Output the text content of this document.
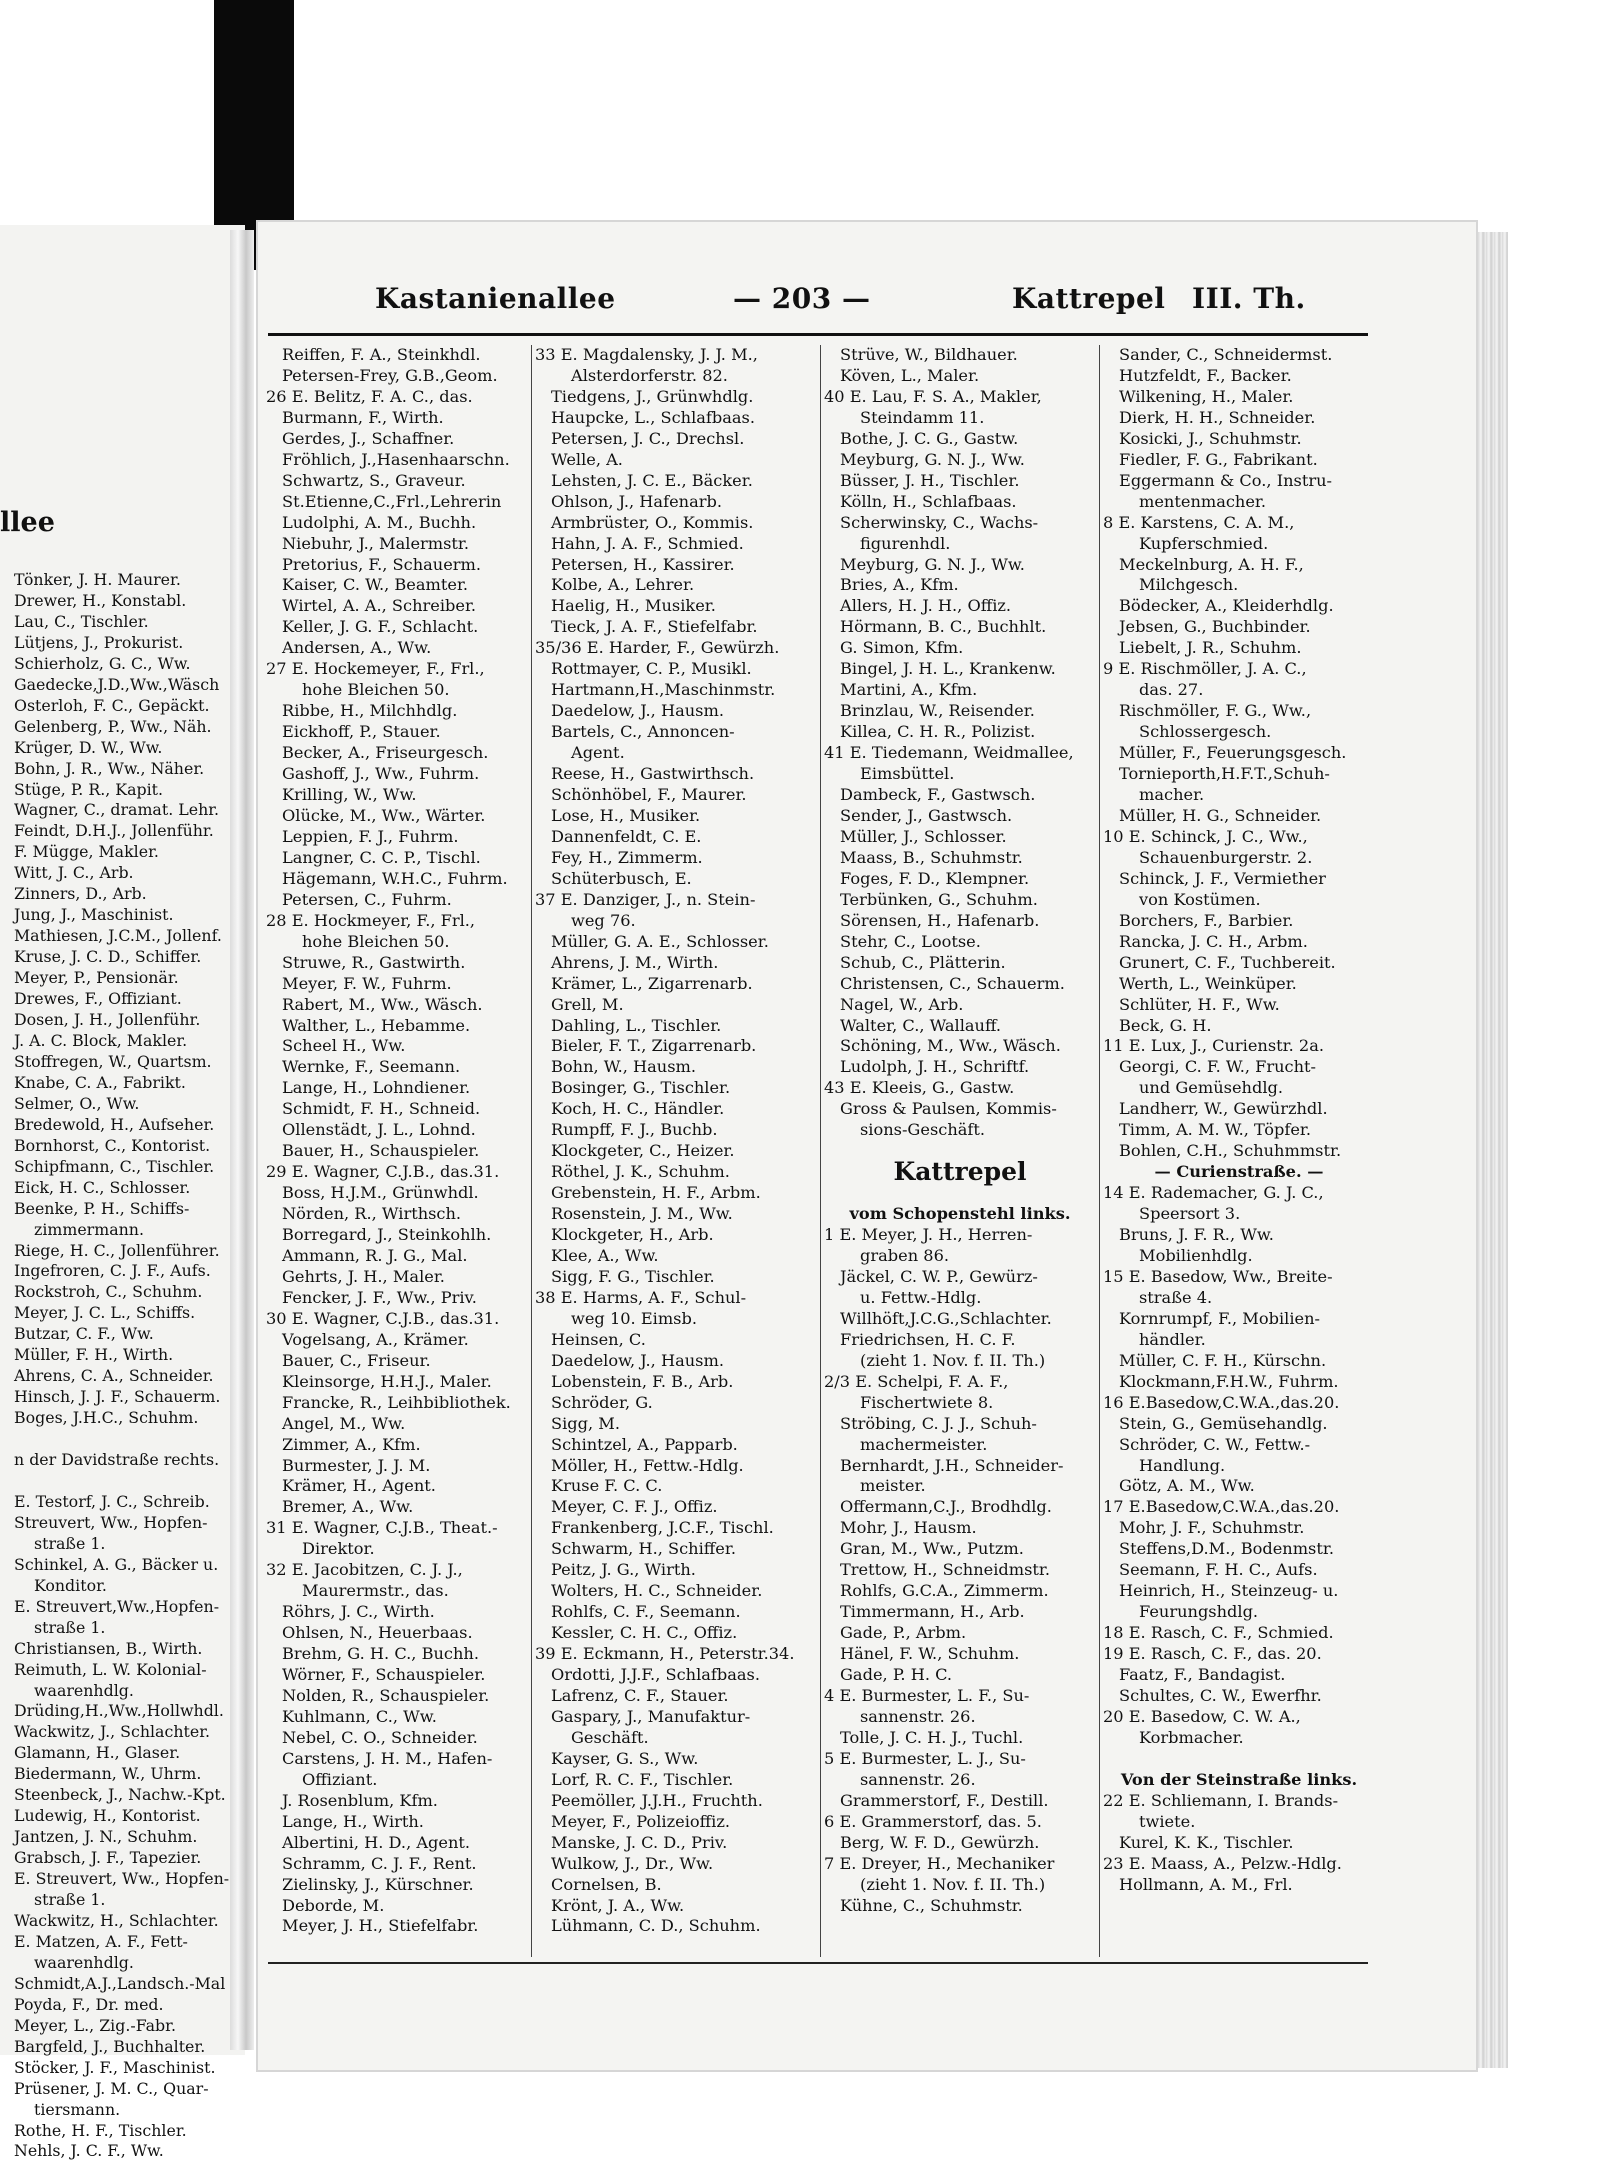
llee
Tönker, J. H. Maurer.
Drewer, H., Konstabl.
Lau, C., Tischler.
Lütjens, J., Prokurist.
Schierholz, G. C., Ww.
Gaedecke,J.D.,Ww.,Wäsch
Osterloh, F. C., Gepäckt.
Gelenberg, P., Ww., Näh.
Krüger, D. W., Ww.
Bohn, J. R., Ww., Näher.
Stüge, P. R., Kapit.
Wagner, C., dramat. Lehr.
Feindt, D.H.J., Jollenführ.
F. Mügge, Makler.
Witt, J. C., Arb.
Zinners, D., Arb.
Jung, J., Maschinist.
Mathiesen, J.C.M., Jollenf.
Kruse, J. C. D., Schiffer.
Meyer, P., Pensionär.
Drewes, F., Offiziant.
Dosen, J. H., Jollenführ.
J. A. C. Block, Makler.
Stoffregen, W., Quartsm.
Knabe, C. A., Fabrikt.
Selmer, O., Ww.
Bredewold, H., Aufseher.
Bornhorst, C., Kontorist.
Schipfmann, C., Tischler.
Eick, H. C., Schlosser.
Beenke, P. H., Schiffs-
zimmermann.
Riege, H. C., Jollenführer.
Ingefroren, C. J. F., Aufs.
Rockstroh, C., Schuhm.
Meyer, J. C. L., Schiffs.
Butzar, C. F., Ww.
Müller, F. H., Wirth.
Ahrens, C. A., Schneider.
Hinsch, J. J. F., Schauerm.
Boges, J.H.C., Schuhm.

n der Davidstraße rechts.

E. Testorf, J. C., Schreib.
Streuvert, Ww., Hopfen-
straße 1.
Schinkel, A. G., Bäcker u.
Konditor.
E. Streuvert,Ww.,Hopfen-
straße 1.
Christiansen, B., Wirth.
Reimuth, L. W. Kolonial-
waarenhdlg.
Drüding,H.,Ww.,Hollwhdl.
Wackwitz, J., Schlachter.
Glamann, H., Glaser.
Biedermann, W., Uhrm.
Steenbeck, J., Nachw.-Kpt.
Ludewig, H., Kontorist.
Jantzen, J. N., Schuhm.
Grabsch, J. F., Tapezier.
E. Streuvert, Ww., Hopfen-
straße 1.
Wackwitz, H., Schlachter.
E. Matzen, A. F., Fett-
waarenhdlg.
Schmidt,A.J.,Landsch.-Mal
Poyda, F., Dr. med.
Meyer, L., Zig.-Fabr.
Bargfeld, J., Buchhalter.
Stöcker, J. F., Maschinist.
Prüsener, J. M. C., Quar-
tiersmann.
Rothe, H. F., Tischler.
Nehls, J. C. F., Ww.
Kastanienallee	— 203 —	Kattrepel III. Th.
Reiffen, F. A., Steinkhdl.
Petersen-Frey, G.B.,Geom.
26 E. Belitz, F. A. C., das.
Burmann, F., Wirth.
Gerdes, J., Schaffner.
Fröhlich, J.,Hasenhaarschn.
Schwartz, S., Graveur.
St.Etienne,C.,Frl.,Lehrerin
Ludolphi, A. M., Buchh.
Niebuhr, J., Malermstr.
Pretorius, F., Schauerm.
Kaiser, C. W., Beamter.
Wirtel, A. A., Schreiber.
Keller, J. G. F., Schlacht.
Andersen, A., Ww.
27 E. Hockemeyer, F., Frl.,
hohe Bleichen 50.
Ribbe, H., Milchhdlg.
Eickhoff, P., Stauer.
Becker, A., Friseurgesch.
Gashoff, J., Ww., Fuhrm.
Krilling, W., Ww.
Olücke, M., Ww., Wärter.
Leppien, F. J., Fuhrm.
Langner, C. C. P., Tischl.
Hägemann, W.H.C., Fuhrm.
Petersen, C., Fuhrm.
28 E. Hockmeyer, F., Frl.,
hohe Bleichen 50.
Struwe, R., Gastwirth.
Meyer, F. W., Fuhrm.
Rabert, M., Ww., Wäsch.
Walther, L., Hebamme.
Scheel H., Ww.
Wernke, F., Seemann.
Lange, H., Lohndiener.
Schmidt, F. H., Schneid.
Ollenstädt, J. L., Lohnd.
Bauer, H., Schauspieler.
29 E. Wagner, C.J.B., das.31.
Boss, H.J.M., Grünwhdl.
Nörden, R., Wirthsch.
Borregard, J., Steinkohlh.
Ammann, R. J. G., Mal.
Gehrts, J. H., Maler.
Fencker, J. F., Ww., Priv.
30 E. Wagner, C.J.B., das.31.
Vogelsang, A., Krämer.
Bauer, C., Friseur.
Kleinsorge, H.H.J., Maler.
Francke, R., Leihbibliothek.
Angel, M., Ww.
Zimmer, A., Kfm.
Burmester, J. J. M.
Krämer, H., Agent.
Bremer, A., Ww.
31 E. Wagner, C.J.B., Theat.-
Direktor.
32 E. Jacobitzen, C. J. J.,
Maurermstr., das.
Röhrs, J. C., Wirth.
Ohlsen, N., Heuerbaas.
Brehm, G. H. C., Buchh.
Wörner, F., Schauspieler.
Nolden, R., Schauspieler.
Kuhlmann, C., Ww.
Nebel, C. O., Schneider.
Carstens, J. H. M., Hafen-
Offiziant.
J. Rosenblum, Kfm.
Lange, H., Wirth.
Albertini, H. D., Agent.
Schramm, C. J. F., Rent.
Zielinsky, J., Kürschner.
Deborde, M.
Meyer, J. H., Stiefelfabr.
33 E. Magdalensky, J. J. M.,
Alsterdorferstr. 82.
Tiedgens, J., Grünwhdlg.
Haupcke, L., Schlafbaas.
Petersen, J. C., Drechsl.
Welle, A.
Lehsten, J. C. E., Bäcker.
Ohlson, J., Hafenarb.
Armbrüster, O., Kommis.
Hahn, J. A. F., Schmied.
Petersen, H., Kassirer.
Kolbe, A., Lehrer.
Haelig, H., Musiker.
Tieck, J. A. F., Stiefelfabr.
35/36 E. Harder, F., Gewürzh.
Rottmayer, C. P., Musikl.
Hartmann,H.,Maschinmstr.
Daedelow, J., Hausm.
Bartels, C., Annoncen-
Agent.
Reese, H., Gastwirthsch.
Schönhöbel, F., Maurer.
Lose, H., Musiker.
Dannenfeldt, C. E.
Fey, H., Zimmerm.
Schüterbusch, E.
37 E. Danziger, J., n. Stein-
weg 76.
Müller, G. A. E., Schlosser.
Ahrens, J. M., Wirth.
Krämer, L., Zigarrenarb.
Grell, M.
Dahling, L., Tischler.
Bieler, F. T., Zigarrenarb.
Bohn, W., Hausm.
Bosinger, G., Tischler.
Koch, H. C., Händler.
Rumpff, F. J., Buchb.
Klockgeter, C., Heizer.
Röthel, J. K., Schuhm.
Grebenstein, H. F., Arbm.
Rosenstein, J. M., Ww.
Klockgeter, H., Arb.
Klee, A., Ww.
Sigg, F. G., Tischler.
38 E. Harms, A. F., Schul-
weg 10. Eimsb.
Heinsen, C.
Daedelow, J., Hausm.
Lobenstein, F. B., Arb.
Schröder, G.
Sigg, M.
Schintzel, A., Papparb.
Möller, H., Fettw.-Hdlg.
Kruse F. C. C.
Meyer, C. F. J., Offiz.
Frankenberg, J.C.F., Tischl.
Schwarm, H., Schiffer.
Peitz, J. G., Wirth.
Wolters, H. C., Schneider.
Rohlfs, C. F., Seemann.
Kessler, C. H. C., Offiz.
39 E. Eckmann, H., Peterstr.34.
Ordotti, J.J.F., Schlafbaas.
Lafrenz, C. F., Stauer.
Gaspary, J., Manufaktur-
Geschäft.
Kayser, G. S., Ww.
Lorf, R. C. F., Tischler.
Peemöller, J.J.H., Fruchth.
Meyer, F., Polizeioffiz.
Manske, J. C. D., Priv.
Wulkow, J., Dr., Ww.
Cornelsen, B.
Krönt, J. A., Ww.
Lühmann, C. D., Schuhm.
Strüve, W., Bildhauer.
Köven, L., Maler.
40 E. Lau, F. S. A., Makler,
Steindamm 11.
Bothe, J. C. G., Gastw.
Meyburg, G. N. J., Ww.
Büsser, J. H., Tischler.
Kölln, H., Schlafbaas.
Scherwinsky, C., Wachs-
figurenhdl.
Meyburg, G. N. J., Ww.
Bries, A., Kfm.
Allers, H. J. H., Offiz.
Hörmann, B. C., Buchhlt.
G. Simon, Kfm.
Bingel, J. H. L., Krankenw.
Martini, A., Kfm.
Brinzlau, W., Reisender.
Killea, C. H. R., Polizist.
41 E. Tiedemann, Weidmallee,
Eimsbüttel.
Dambeck, F., Gastwsch.
Sender, J., Gastwsch.
Müller, J., Schlosser.
Maass, B., Schuhmstr.
Foges, F. D., Klempner.
Terbünken, G., Schuhm.
Sörensen, H., Hafenarb.
Stehr, C., Lootse.
Schub, C., Plätterin.
Christensen, C., Schauerm.
Nagel, W., Arb.
Walter, C., Wallauff.
Schöning, M., Ww., Wäsch.
Ludolph, J. H., Schriftf.
43 E. Kleeis, G., Gastw.
Gross & Paulsen, Kommis-
sions-Geschäft.

Kattrepel

vom Schopenstehl links.
1 E. Meyer, J. H., Herren-
graben 86.
Jäckel, C. W. P., Gewürz-
u. Fettw.-Hdlg.
Willhöft,J.C.G.,Schlachter.
Friedrichsen, H. C. F.
(zieht 1. Nov. f. II. Th.)
2/3 E. Schelpi, F. A. F.,
Fischertwiete 8.
Ströbing, C. J. J., Schuh-
machermeister.
Bernhardt, J.H., Schneider-
meister.
Offermann,C.J., Brodhdlg.
Mohr, J., Hausm.
Gran, M., Ww., Putzm.
Trettow, H., Schneidmstr.
Rohlfs, G.C.A., Zimmerm.
Timmermann, H., Arb.
Gade, P., Arbm.
Hänel, F. W., Schuhm.
Gade, P. H. C.
4 E. Burmester, L. F., Su-
sannenstr. 26.
Tolle, J. C. H. J., Tuchl.
5 E. Burmester, L. J., Su-
sannenstr. 26.
Grammerstorf, F., Destill.
6 E. Grammerstorf, das. 5.
Berg, W. F. D., Gewürzh.
7 E. Dreyer, H., Mechaniker
(zieht 1. Nov. f. II. Th.)
Kühne, C., Schuhmstr.
Sander, C., Schneidermst.
Hutzfeldt, F., Backer.
Wilkening, H., Maler.
Dierk, H. H., Schneider.
Kosicki, J., Schuhmstr.
Fiedler, F. G., Fabrikant.
Eggermann & Co., Instru-
mentenmacher.
8 E. Karstens, C. A. M.,
Kupferschmied.
Meckelnburg, A. H. F.,
Milchgesch.
Bödecker, A., Kleiderhdlg.
Jebsen, G., Buchbinder.
Liebelt, J. R., Schuhm.
9 E. Rischmöller, J. A. C.,
das. 27.
Rischmöller, F. G., Ww.,
Schlossergesch.
Müller, F., Feuerungsgesch.
Tornieporth,H.F.T.,Schuh-
macher.
Müller, H. G., Schneider.
10 E. Schinck, J. C., Ww.,
Schauenburgerstr. 2.
Schinck, J. F., Vermiether
von Kostümen.
Borchers, F., Barbier.
Rancka, J. C. H., Arbm.
Grunert, C. F., Tuchbereit.
Werth, L., Weinküper.
Schlüter, H. F., Ww.
Beck, G. H.
11 E. Lux, J., Curienstr. 2a.
Georgi, C. F. W., Frucht-
und Gemüsehdlg.
Landherr, W., Gewürzhdl.
Timm, A. M. W., Töpfer.
Bohlen, C.H., Schuhmmstr.
— Curienstraße. —
14 E. Rademacher, G. J. C.,
Speersort 3.
Bruns, J. F. R., Ww.
Mobilienhdlg.
15 E. Basedow, Ww., Breite-
straße 4.
Kornrumpf, F., Mobilien-
händler.
Müller, C. F. H., Kürschn.
Klockmann,F.H.W., Fuhrm.
16 E.Basedow,C.W.A.,das.20.
Stein, G., Gemüsehandlg.
Schröder, C. W., Fettw.-
Handlung.
Götz, A. M., Ww.
17 E.Basedow,C.W.A.,das.20.
Mohr, J. F., Schuhmstr.
Steffens,D.M., Bodenmstr.
Seemann, F. H. C., Aufs.
Heinrich, H., Steinzeug- u.
Feurungshdlg.
18 E. Rasch, C. F., Schmied.
19 E. Rasch, C. F., das. 20.
Faatz, F., Bandagist.
Schultes, C. W., Ewerfhr.
20 E. Basedow, C. W. A.,
Korbmacher.

Von der Steinstraße links.
22 E. Schliemann, I. Brands-
twiete.
Kurel, K. K., Tischler.
23 E. Maass, A., Pelzw.-Hdlg.
Hollmann, A. M., Frl.
